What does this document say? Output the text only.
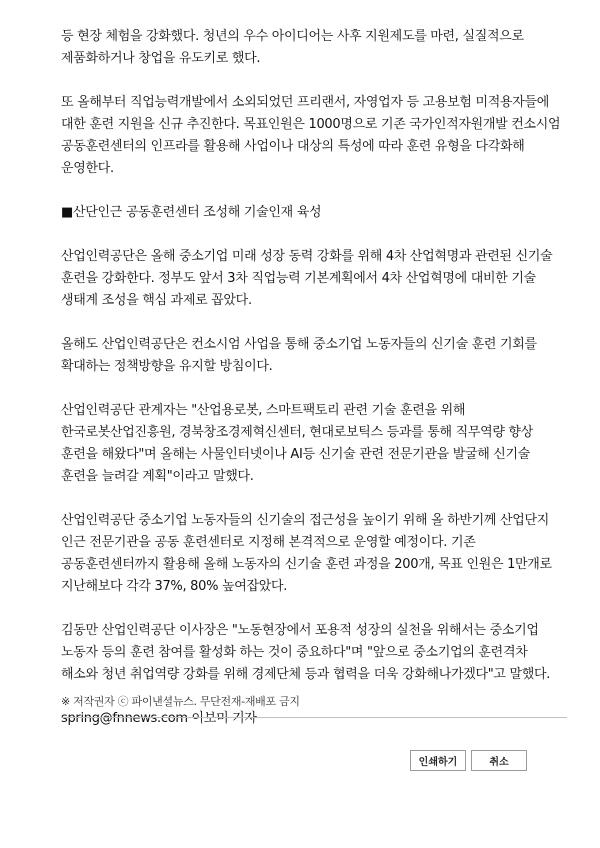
등 현장 체험을 강화했다. 청년의 우수 아이디어는 사후 지원제도를 마련, 실질적으로 제품화하거나 창업을 유도키로 했다.

또 올해부터 직업능력개발에서 소외되었던 프리랜서, 자영업자 등 고용보험 미적용자들에 대한 훈련 지원을 신규 추진한다. 목표인원은 1000명으로 기존 국가인적자원개발 컨소시엄 공동훈련센터의 인프라를 활용해 사업이나 대상의 특성에 따라 훈련 유형을 다각화해 운영한다.

■산단인근 공동훈련센터 조성해 기술인재 육성

산업인력공단은 올해 중소기업 미래 성장 동력 강화를 위해 4차 산업혁명과 관련된 신기술 훈련을 강화한다. 정부도 앞서 3차 직업능력 기본계획에서 4차 산업혁명에 대비한 기술 생태계 조성을 핵심 과제로 꼽았다.

올해도 산업인력공단은 컨소시엄 사업을 통해 중소기업 노동자들의 신기술 훈련 기회를 확대하는 정책방향을 유지할 방침이다.

산업인력공단 관계자는 "산업용로봇, 스마트팩토리 관련 기술 훈련을 위해 한국로봇산업진흥원, 경북창조경제혁신센터, 현대로보틱스 등과를 통해 직무역량 향상 훈련을 해왔다"며 올해는 사물인터넷이나 AI등 신기술 관련 전문기관을 발굴해 신기술 훈련을 늘려갈 계획"이라고 말했다.

산업인력공단 중소기업 노동자들의 신기술의 접근성을 높이기 위해 올 하반기께 산업단지 인근 전문기관을 공동 훈련센터로 지정해 본격적으로 운영할 예정이다. 기존 공동훈련센터까지 활용해 올해 노동자의 신기술 훈련 과정을 200개, 목표 인원은 1만개로 지난해보다 각각 37%, 80% 높여잡았다.

김동만 산업인력공단 이사장은 "노동현장에서 포용적 성장의 실천을 위해서는 중소기업 노동자 등의 훈련 참여를 활성화 하는 것이 중요하다"며 "앞으로 중소기업의 훈련격차 해소와 청년 취업역량 강화를 위해 경제단체 등과 협력을 더욱 강화해나가겠다"고 말했다.

spring@fnnews.com 이보미 기자

※ 저작권자 ⓒ 파이낸셜뉴스. 무단전재-재배포 금지
인쇄하기	취소
